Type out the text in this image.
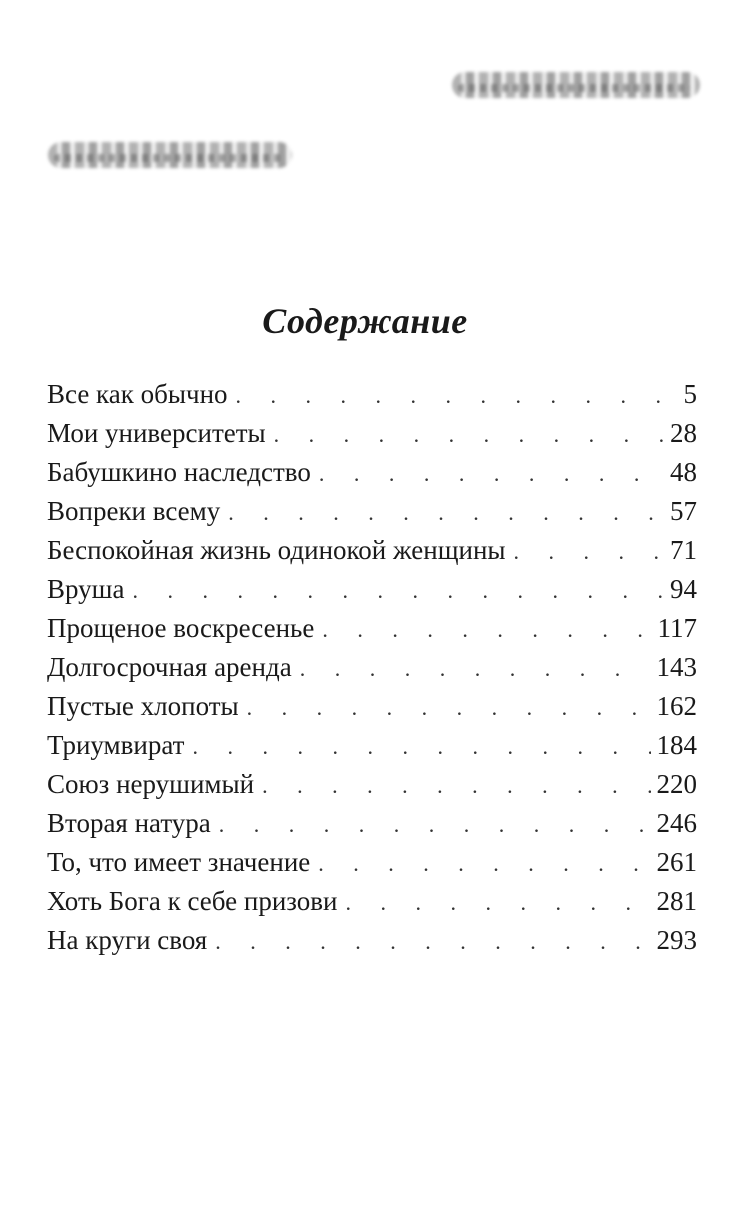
Содержание
Все как обычно . . .	5
Мои университеты . . .	28
Бабушкино наследство . . .	48
Вопреки всему . . .	57
Беспокойная жизнь одинокой женщины . . .	71
Вруша . . .	94
Прощеное воскресенье . . .	117
Долгосрочная аренда . . .	143
Пустые хлопоты . . .	162
Триумвират . . .	184
Союз нерушимый . . .	220
Вторая натура . . .	246
То, что имеет значение . . .	261
Хоть Бога к себе призови . . .	281
На круги своя . . .	293
